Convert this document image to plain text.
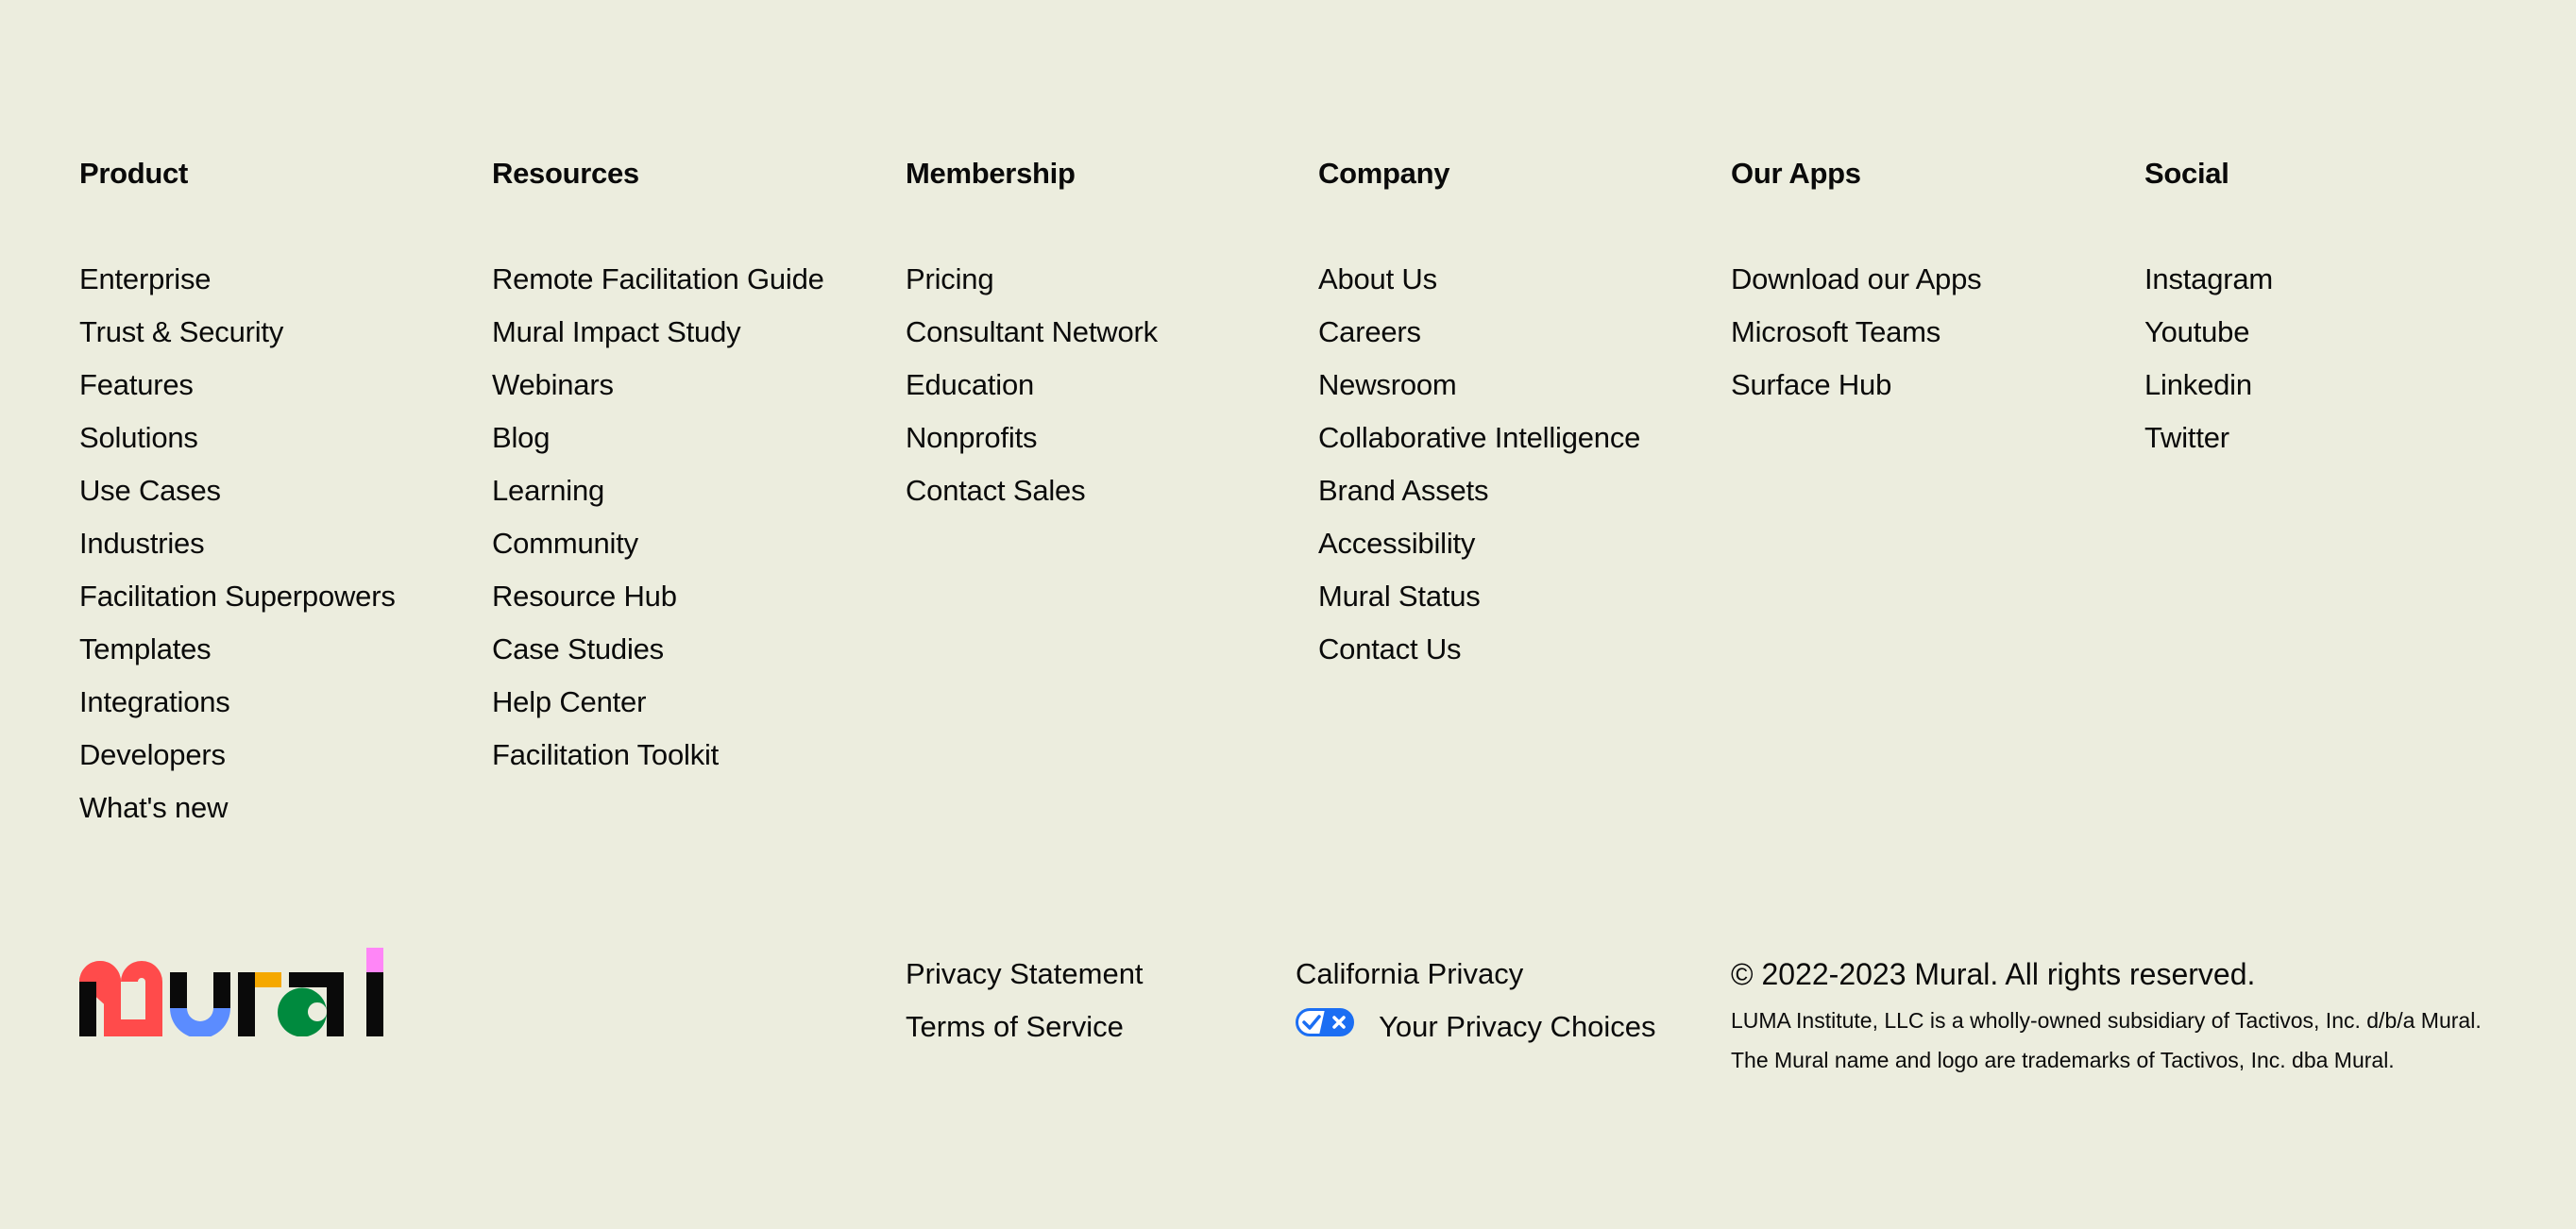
Product
Enterprise
Trust & Security
Features
Solutions
Use Cases
Industries
Facilitation Superpowers
Templates
Integrations
Developers
What's new
Resources
Remote Facilitation Guide
Mural Impact Study
Webinars
Blog
Learning
Community
Resource Hub
Case Studies
Help Center
Facilitation Toolkit
Membership
Pricing
Consultant Network
Education
Nonprofits
Contact Sales
Company
About Us
Careers
Newsroom
Collaborative Intelligence
Brand Assets
Accessibility
Mural Status
Contact Us
Our Apps
Download our Apps
Microsoft Teams
Surface Hub
Social
Instagram
Youtube
Linkedin
Twitter
Privacy Statement
Terms of Service
California Privacy
Your Privacy Choices
© 2022-2023 Mural. All rights reserved.
LUMA Institute, LLC is a wholly-owned subsidiary of Tactivos, Inc. d/b/a Mural.
The Mural name and logo are trademarks of Tactivos, Inc. dba Mural.
